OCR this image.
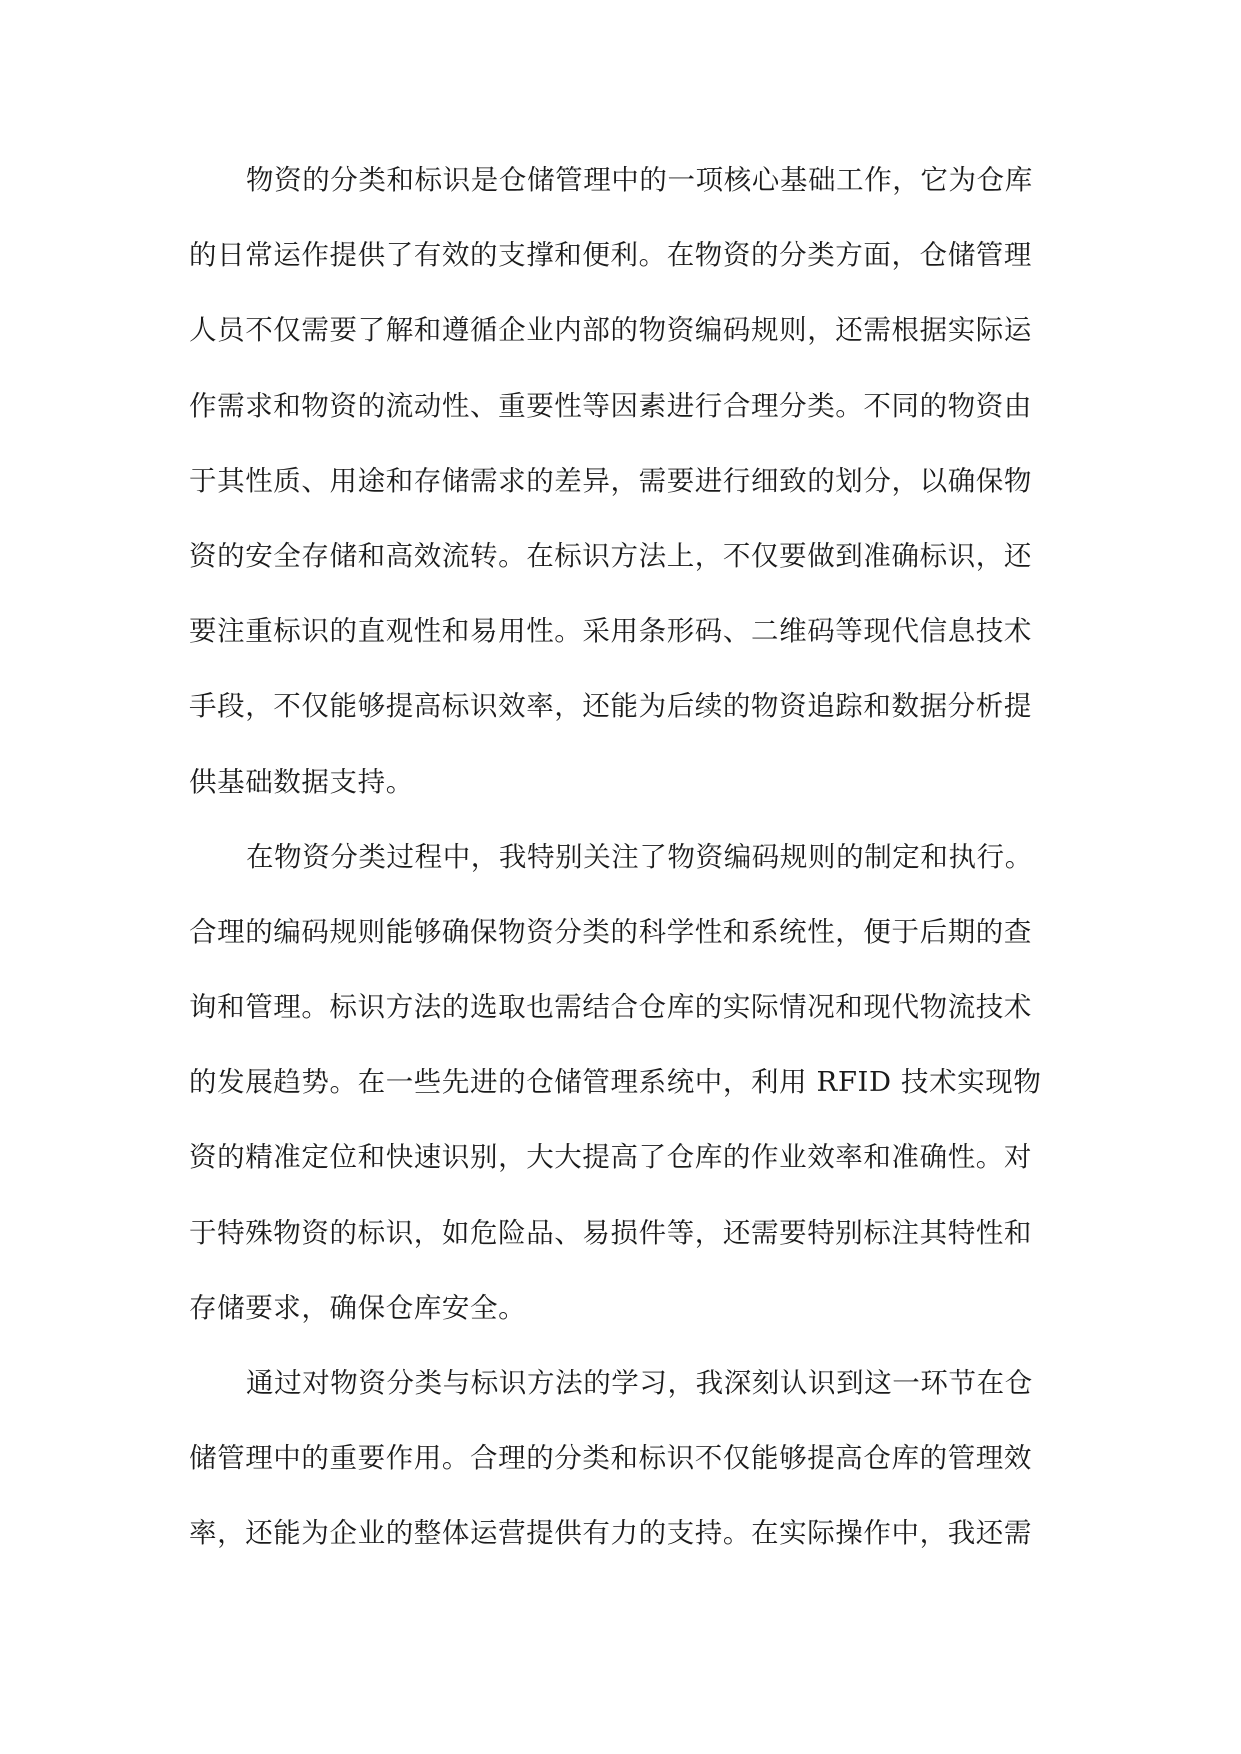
物资的分类和标识是仓储管理中的一项核心基础工作，它为仓库
的日常运作提供了有效的支撑和便利。在物资的分类方面，仓储管理
人员不仅需要了解和遵循企业内部的物资编码规则，还需根据实际运
作需求和物资的流动性、重要性等因素进行合理分类。不同的物资由
于其性质、用途和存储需求的差异，需要进行细致的划分，以确保物
资的安全存储和高效流转。在标识方法上，不仅要做到准确标识，还
要注重标识的直观性和易用性。采用条形码、二维码等现代信息技术
手段，不仅能够提高标识效率，还能为后续的物资追踪和数据分析提
供基础数据支持。
在物资分类过程中，我特别关注了物资编码规则的制定和执行。
合理的编码规则能够确保物资分类的科学性和系统性，便于后期的查
询和管理。标识方法的选取也需结合仓库的实际情况和现代物流技术
的发展趋势。在一些先进的仓储管理系统中，利用 RFID 技术实现物
资的精准定位和快速识别，大大提高了仓库的作业效率和准确性。对
于特殊物资的标识，如危险品、易损件等，还需要特别标注其特性和
存储要求，确保仓库安全。
通过对物资分类与标识方法的学习，我深刻认识到这一环节在仓
储管理中的重要作用。合理的分类和标识不仅能够提高仓库的管理效
率，还能为企业的整体运营提供有力的支持。在实际操作中，我还需
